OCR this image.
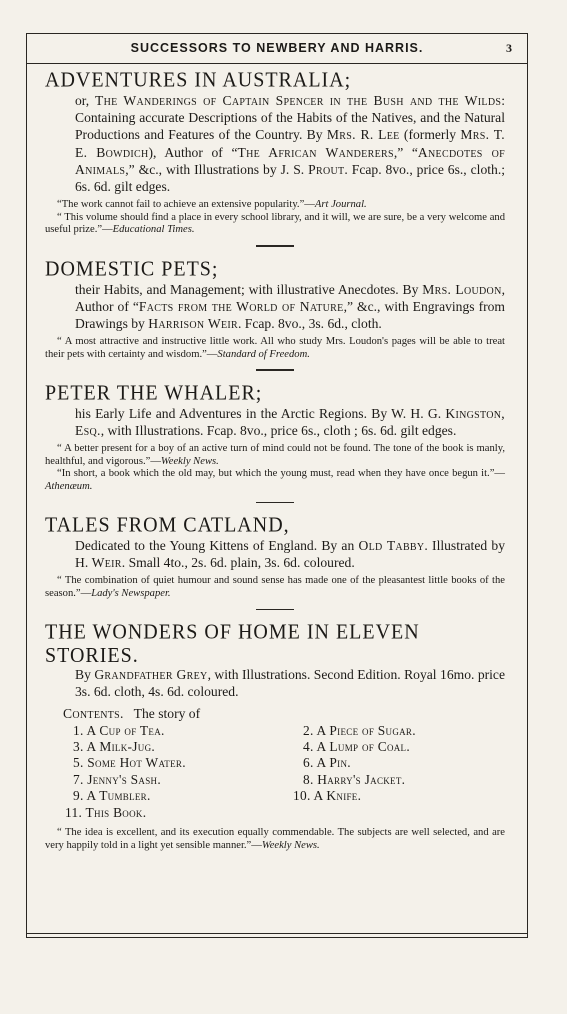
SUCCESSORS TO NEWBERY AND HARRIS.	3
ADVENTURES IN AUSTRALIA;
or, The Wanderings of Captain Spencer in the Bush and the Wilds: Containing accurate Descriptions of the Habits of the Natives, and the Natural Productions and Features of the Country. By Mrs. R. Lee (formerly Mrs. T. E. Bowdich), Author of “The African Wanderers,” “Anecdotes of Animals,” &c., with Illustrations by J. S. Prout. Fcap. 8vo., price 6s., cloth.; 6s. 6d. gilt edges.
“The work cannot fail to achieve an extensive popularity.”—Art Journal.
“ This volume should find a place in every school library, and it will, we are sure, be a very welcome and useful prize.”—Educational Times.
DOMESTIC PETS;
their Habits, and Management; with illustrative Anecdotes. By Mrs. Loudon, Author of “Facts from the World of Nature,” &c., with Engravings from Drawings by Harrison Weir. Fcap. 8vo., 3s. 6d., cloth.
“ A most attractive and instructive little work. All who study Mrs. Loudon's pages will be able to treat their pets with certainty and wisdom.”—Standard of Freedom.
PETER THE WHALER;
his Early Life and Adventures in the Arctic Regions. By W. H. G. Kingston, Esq., with Illustrations. Fcap. 8vo., price 6s., cloth ; 6s. 6d. gilt edges.
“ A better present for a boy of an active turn of mind could not be found. The tone of the book is manly, healthful, and vigorous.”—Weekly News.
“In short, a book which the old may, but which the young must, read when they have once begun it.”—Athenæum.
TALES FROM CATLAND,
Dedicated to the Young Kittens of England. By an Old Tabby. Illustrated by H. Weir. Small 4to., 2s. 6d. plain, 3s. 6d. coloured.
“ The combination of quiet humour and sound sense has made one of the pleasantest little books of the season.”—Lady's Newspaper.
THE WONDERS OF HOME IN ELEVEN STORIES.
By Grandfather Grey, with Illustrations. Second Edition. Royal 16mo. price 3s. 6d. cloth, 4s. 6d. coloured.
Contents.  The story of
1. A Cup of Tea.	2. A Piece of Sugar.
3. A Milk-Jug.	4. A Lump of Coal.
5. Some Hot Water.	6. A Pin.
7. Jenny's Sash.	8. Harry's Jacket.
9. A Tumbler.	10. A Knife.
11. This Book.
“ The idea is excellent, and its execution equally commendable. The subjects are well selected, and are very happily told in a light yet sensible manner.”—Weekly News.
